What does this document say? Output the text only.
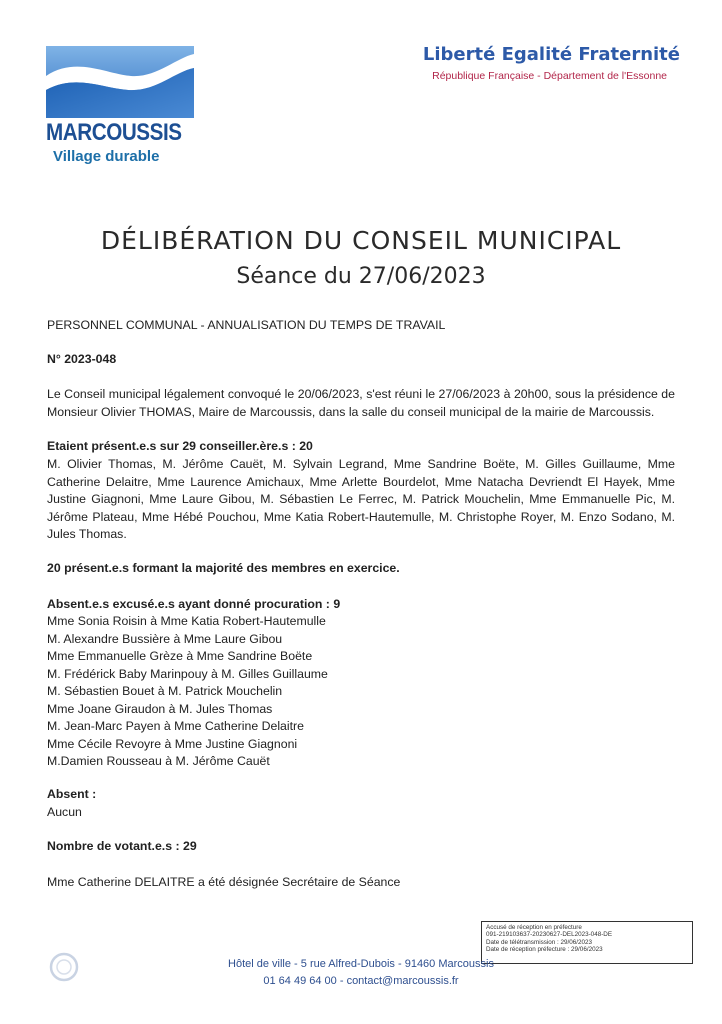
MARCOUSSIS
Village durable
Liberté Egalité Fraternité
République Française - Département de l'Essonne
DÉLIBÉRATION DU CONSEIL MUNICIPAL
Séance du 27/06/2023
PERSONNEL COMMUNAL - ANNUALISATION DU TEMPS DE TRAVAIL
N° 2023-048
Le Conseil municipal légalement convoqué le 20/06/2023, s'est réuni le 27/06/2023 à 20h00, sous la présidence de Monsieur Olivier THOMAS, Maire de Marcoussis, dans la salle du conseil municipal de la mairie de Marcoussis.
Etaient présent.e.s sur 29 conseiller.ère.s : 20
M. Olivier Thomas, M. Jérôme Cauët, M. Sylvain Legrand, Mme Sandrine Boëte, M. Gilles Guillaume, Mme Catherine Delaitre, Mme Laurence Amichaux, Mme Arlette Bourdelot, Mme Natacha Devriendt El Hayek, Mme Justine Giagnoni, Mme Laure Gibou, M. Sébastien Le Ferrec, M. Patrick Mouchelin, Mme Emmanuelle Pic, M. Jérôme Plateau, Mme Hébé Pouchou, Mme Katia Robert-Hautemulle, M. Christophe Royer, M. Enzo Sodano, M. Jules Thomas.
20 présent.e.s formant la majorité des membres en exercice.
Absent.e.s excusé.e.s ayant donné procuration : 9
Mme Sonia Roisin à Mme Katia Robert-Hautemulle
M. Alexandre Bussière à Mme Laure Gibou
Mme Emmanuelle Grèze à Mme Sandrine Boëte
M. Frédérick Baby Marinpouy à M. Gilles Guillaume
M. Sébastien Bouet à M. Patrick Mouchelin
Mme Joane Giraudon à M. Jules Thomas
M. Jean-Marc Payen à Mme Catherine Delaitre
Mme Cécile Revoyre à Mme Justine Giagnoni
M.Damien Rousseau à M. Jérôme Cauët
Absent :
Aucun
Nombre de votant.e.s : 29
Mme Catherine DELAITRE a été désignée Secrétaire de Séance
Accusé de réception en préfecture
091-219103637-20230627-DEL2023-048-DE
Date de télétransmission : 29/06/2023
Date de réception préfecture : 29/06/2023
Hôtel de ville - 5 rue Alfred-Dubois - 91460 Marcoussis
01 64 49 64 00 - contact@marcoussis.fr
